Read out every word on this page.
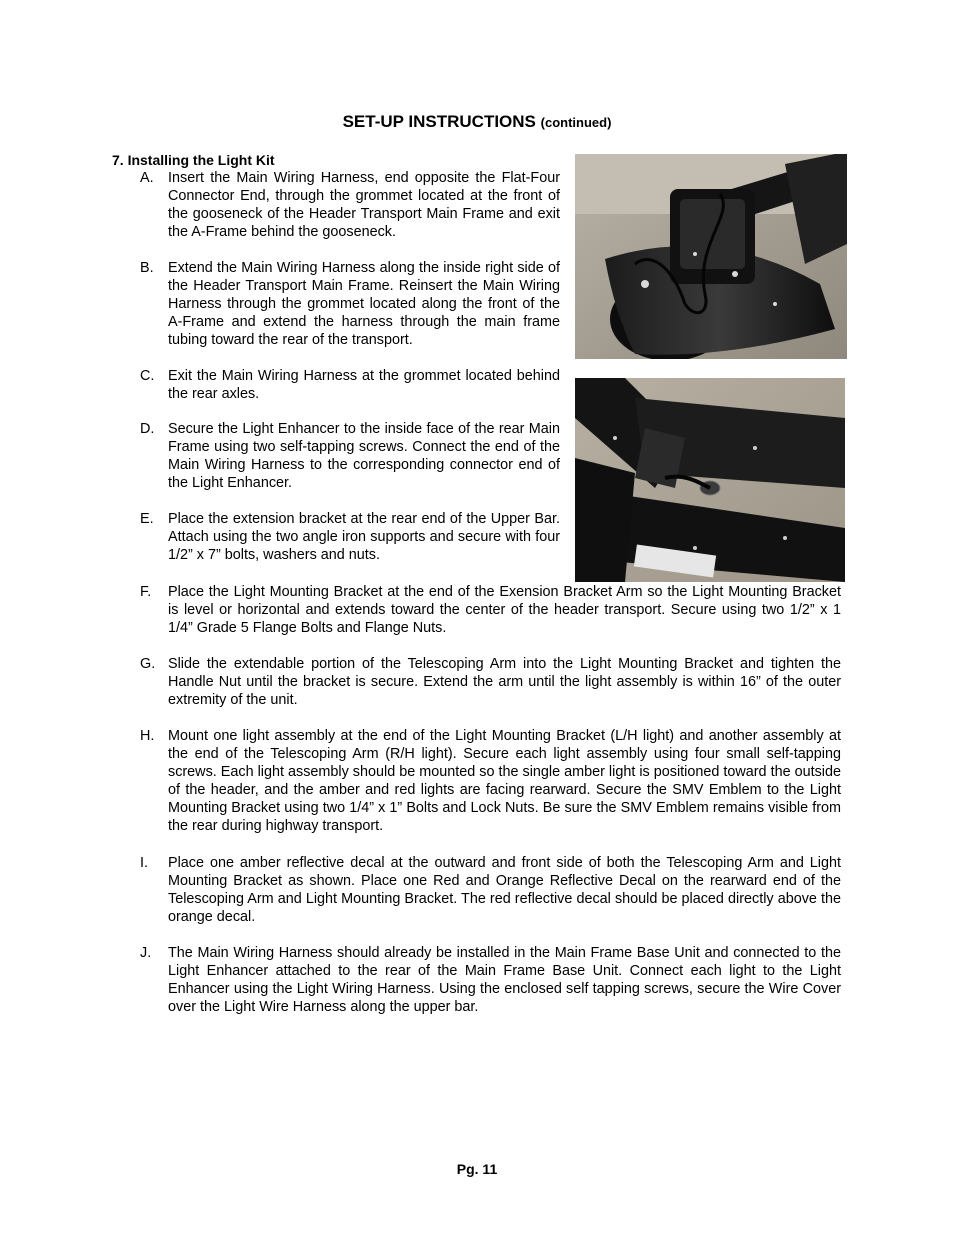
SET-UP INSTRUCTIONS (continued)
7. Installing the Light Kit
A. Insert the Main Wiring Harness, end opposite the Flat-Four Connector End, through the grommet located at the front of the gooseneck of the Header Transport Main Frame and exit the A-Frame behind the gooseneck.
B. Extend the Main Wiring Harness along the inside right side of the Header Transport Main Frame. Reinsert the Main Wiring Harness through the grommet located along the front of the A-Frame and extend the harness through the main frame tubing toward the rear of the transport.
C. Exit the Main Wiring Harness at the grommet located behind the rear axles.
D. Secure the Light Enhancer to the inside face of the rear Main Frame using two self-tapping screws. Connect the end of the Main Wiring Harness to the corresponding connector end of the Light Enhancer.
E. Place the extension bracket at the rear end of the Upper Bar. Attach using the two angle iron supports and secure with four 1/2” x 7” bolts, washers and nuts.
F. Place the Light Mounting Bracket at the end of the Exension Bracket Arm so the Light Mounting Bracket is level or horizontal and extends toward the center of the header transport. Secure using two 1/2” x 1 1/4” Grade 5 Flange Bolts and Flange Nuts.
G. Slide the extendable portion of the Telescoping Arm into the Light Mounting Bracket and tighten the Handle Nut until the bracket is secure. Extend the arm until the light assembly is within 16” of the outer extremity of the unit.
H. Mount one light assembly at the end of the Light Mounting Bracket (L/H light) and another assembly at the end of the Telescoping Arm (R/H light). Secure each light assembly using four small self-tapping screws. Each light assembly should be mounted so the single amber light is positioned toward the outside of the header, and the amber and red lights are facing rearward. Secure the SMV Emblem to the Light Mounting Bracket using two 1/4” x 1” Bolts and Lock Nuts. Be sure the SMV Emblem remains visible from the rear during highway transport.
I. Place one amber reflective decal at the outward and front side of both the Telescoping Arm and Light Mounting Bracket as shown. Place one Red and Orange Reflective Decal on the rearward end of the Telescoping Arm and Light Mounting Bracket. The red reflective decal should be placed directly above the orange decal.
J. The Main Wiring Harness should already be installed in the Main Frame Base Unit and connected to the Light Enhancer attached to the rear of the Main Frame Base Unit. Connect each light to the Light Enhancer using the Light Wiring Harness. Using the enclosed self tapping screws, secure the Wire Cover over the Light Wire Harness along the upper bar.
Pg. 11
